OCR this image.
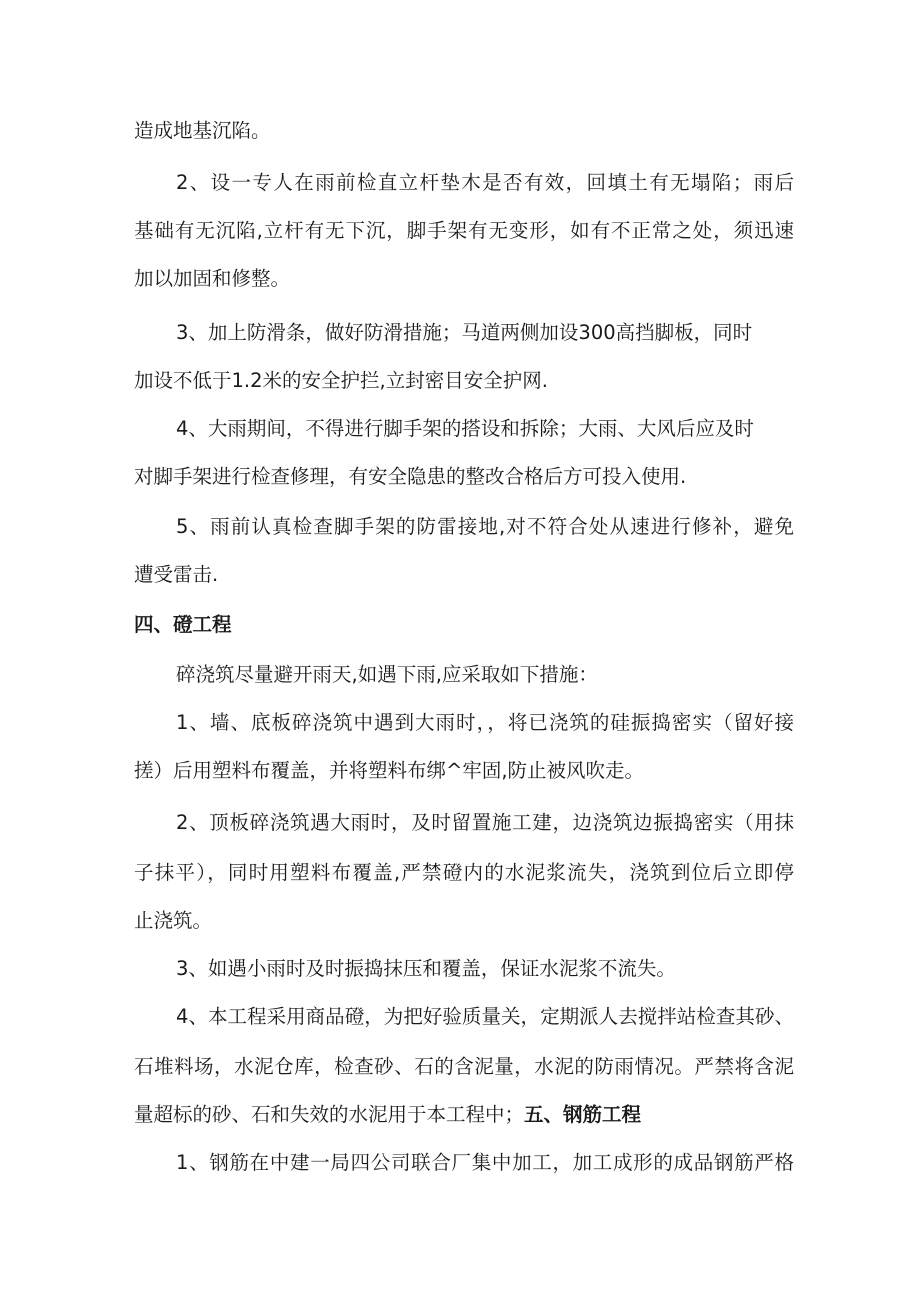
造成地基沉陷。
2、设一专人在雨前检直立杆垫木是否有效，回填土有无塌陷；雨后
基础有无沉陷,立杆有无下沉，脚手架有无变形，如有不正常之处，须迅速
加以加固和修整。
3、加上防滑条，做好防滑措施；马道两侧加设300高挡脚板，同时
加设不低于1.2米的安全护拦,立封密目安全护网.
4、大雨期间，不得进行脚手架的搭设和拆除；大雨、大风后应及时
对脚手架进行检查修理，有安全隐患的整改合格后方可投入使用.
5、雨前认真检查脚手架的防雷接地,对不符合处从速进行修补，避免
遭受雷击.
四、磴工程
碎浇筑尽量避开雨天,如遇下雨,应采取如下措施：
1、墙、底板碎浇筑中遇到大雨时，，将已浇筑的硅振捣密实（留好接
搓）后用塑料布覆盖，并将塑料布绑^牢固,防止被风吹走。
2、顶板碎浇筑遇大雨时，及时留置施工建，边浇筑边振捣密实（用抹
子抹平），同时用塑料布覆盖,严禁磴内的水泥浆流失，浇筑到位后立即停
止浇筑。
3、如遇小雨时及时振捣抹压和覆盖，保证水泥浆不流失。
4、本工程采用商品磴，为把好验质量关，定期派人去搅拌站检查其砂、
石堆料场，水泥仓库，检查砂、石的含泥量，水泥的防雨情况。严禁将含泥
量超标的砂、石和失效的水泥用于本工程中；五、钢筋工程
1、钢筋在中建一局四公司联合厂集中加工，加工成形的成品钢筋严格
